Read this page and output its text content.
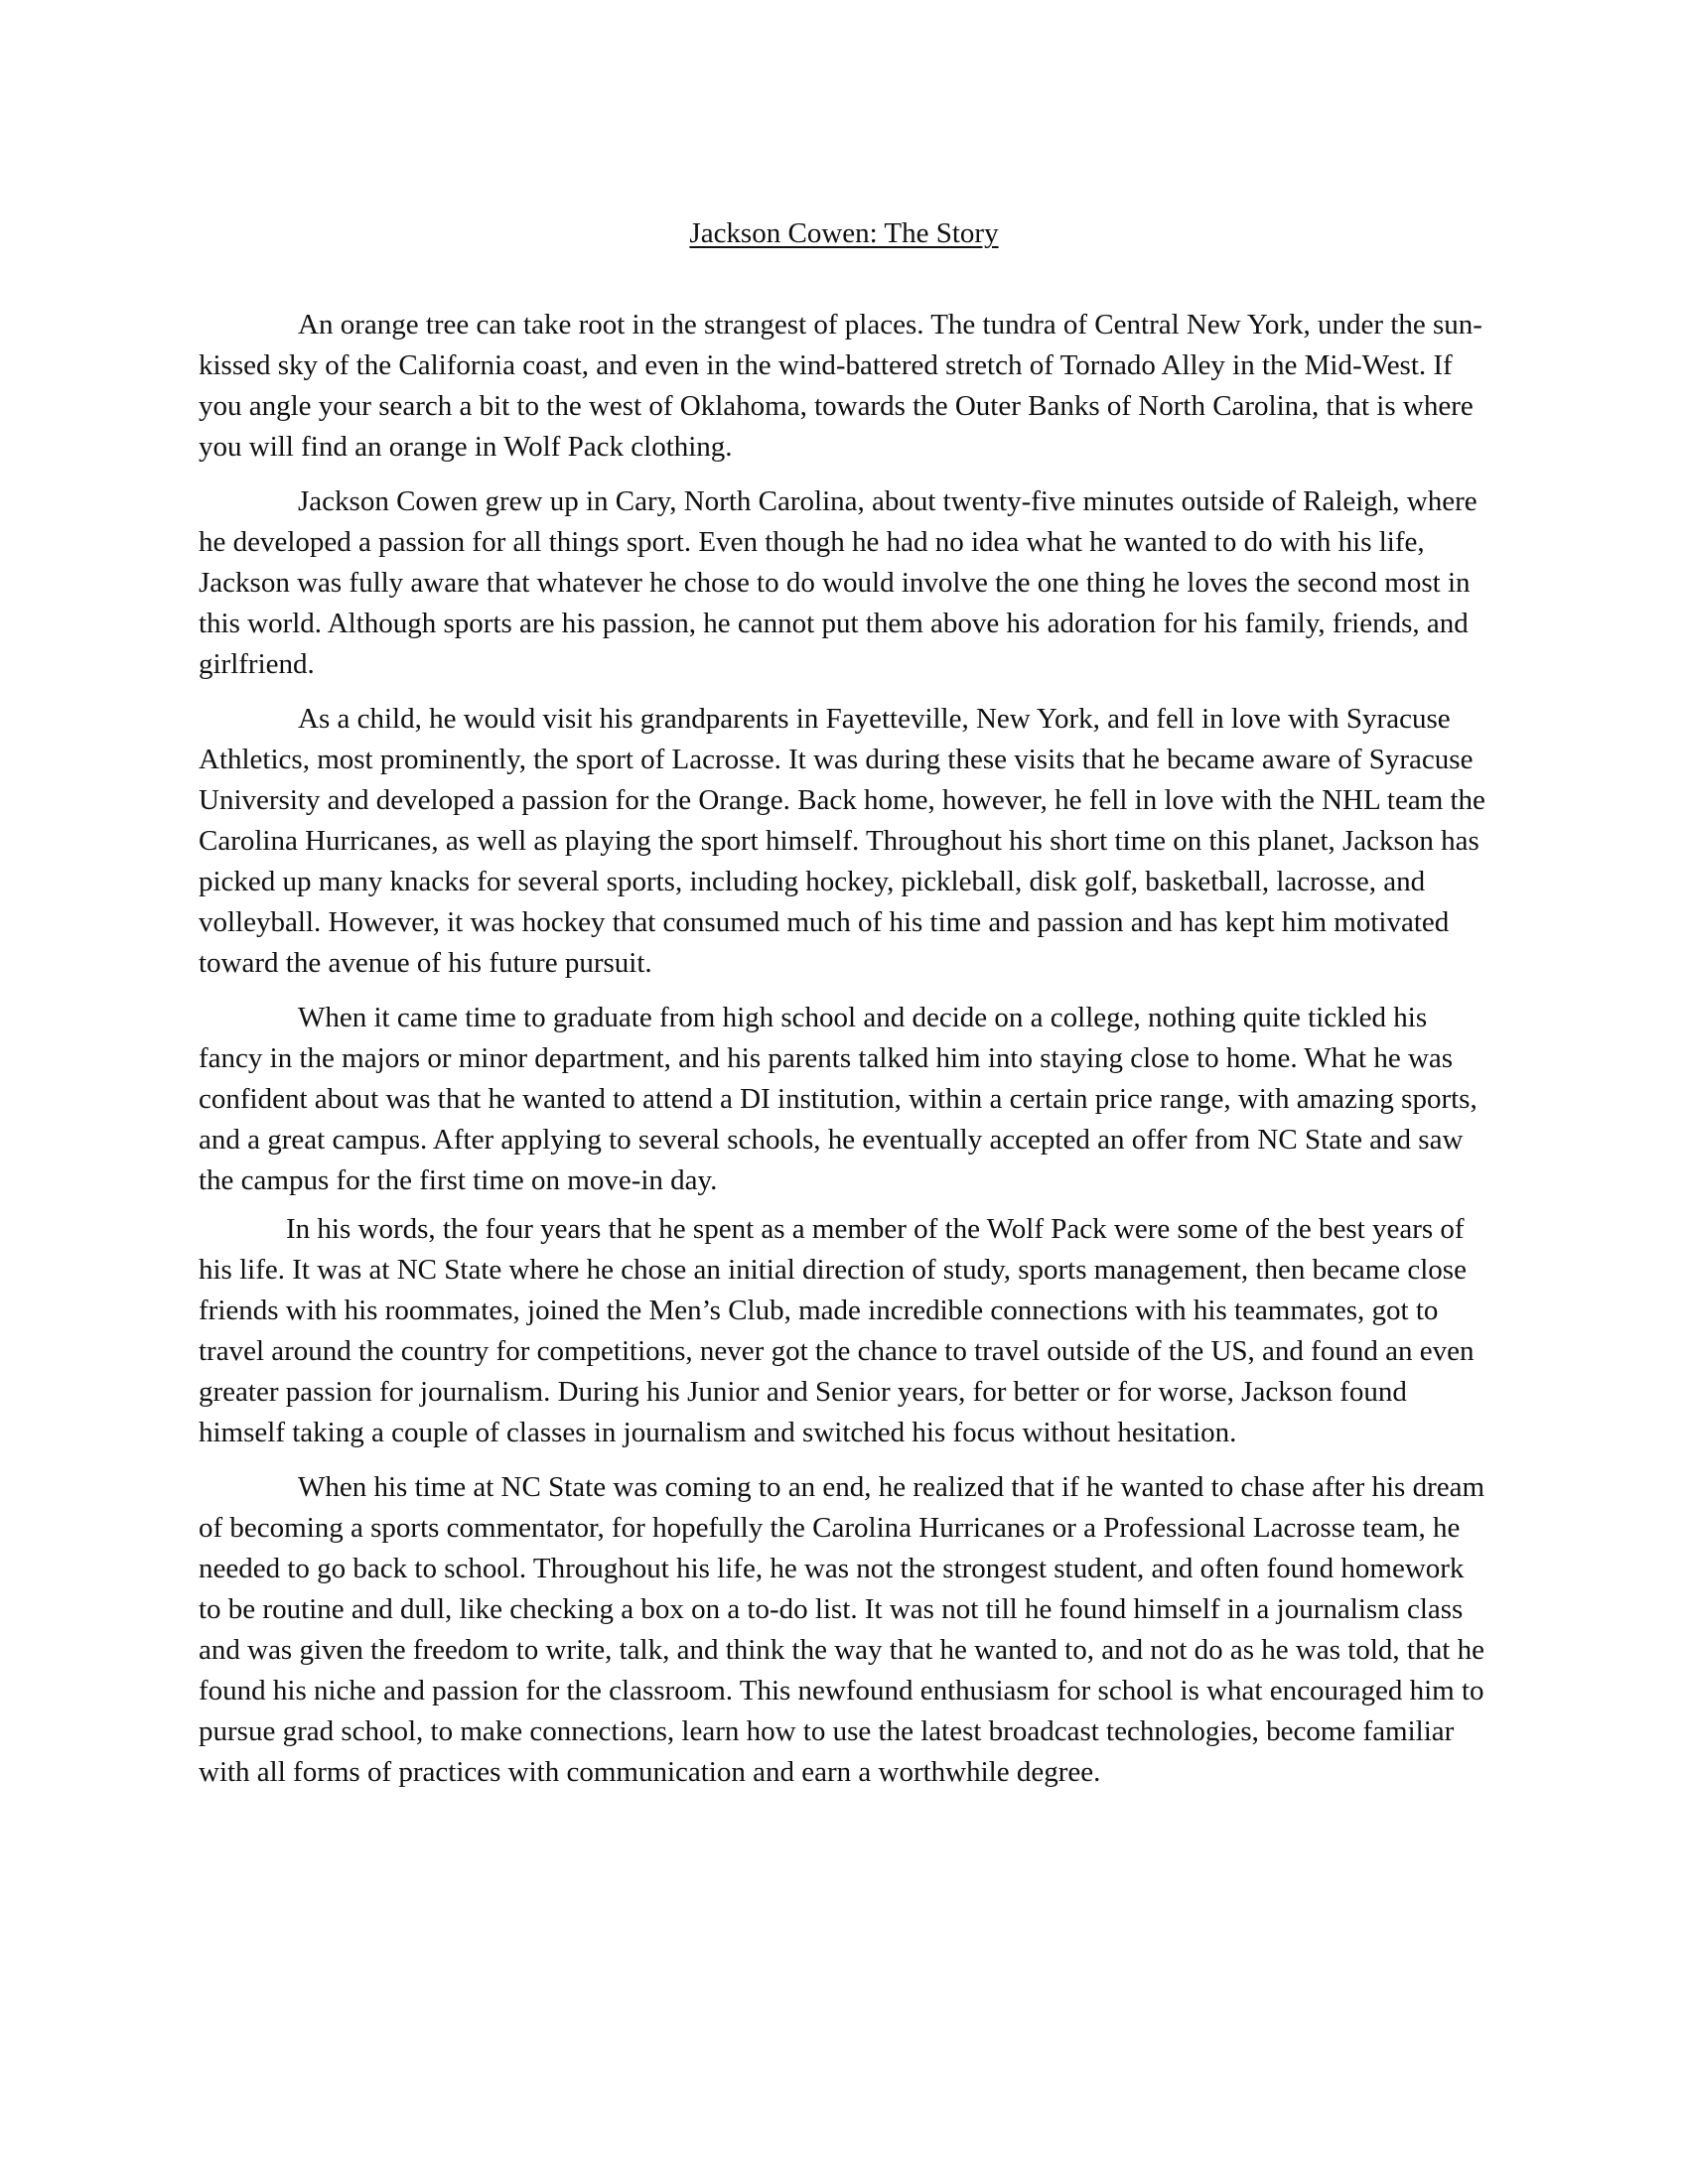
Jackson Cowen: The Story

An orange tree can take root in the strangest of places. The tundra of Central New York, under the sun-kissed sky of the California coast, and even in the wind-battered stretch of Tornado Alley in the Mid-West. If you angle your search a bit to the west of Oklahoma, towards the Outer Banks of North Carolina, that is where you will find an orange in Wolf Pack clothing.

Jackson Cowen grew up in Cary, North Carolina, about twenty-five minutes outside of Raleigh, where he developed a passion for all things sport. Even though he had no idea what he wanted to do with his life, Jackson was fully aware that whatever he chose to do would involve the one thing he loves the second most in this world. Although sports are his passion, he cannot put them above his adoration for his family, friends, and girlfriend.

As a child, he would visit his grandparents in Fayetteville, New York, and fell in love with Syracuse Athletics, most prominently, the sport of Lacrosse. It was during these visits that he became aware of Syracuse University and developed a passion for the Orange. Back home, however, he fell in love with the NHL team the Carolina Hurricanes, as well as playing the sport himself. Throughout his short time on this planet, Jackson has picked up many knacks for several sports, including hockey, pickleball, disk golf, basketball, lacrosse, and volleyball. However, it was hockey that consumed much of his time and passion and has kept him motivated toward the avenue of his future pursuit.

When it came time to graduate from high school and decide on a college, nothing quite tickled his fancy in the majors or minor department, and his parents talked him into staying close to home. What he was confident about was that he wanted to attend a DI institution, within a certain price range, with amazing sports, and a great campus. After applying to several schools, he eventually accepted an offer from NC State and saw the campus for the first time on move-in day.

In his words, the four years that he spent as a member of the Wolf Pack were some of the best years of his life. It was at NC State where he chose an initial direction of study, sports management, then became close friends with his roommates, joined the Men’s Club, made incredible connections with his teammates, got to travel around the country for competitions, never got the chance to travel outside of the US, and found an even greater passion for journalism. During his Junior and Senior years, for better or for worse, Jackson found himself taking a couple of classes in journalism and switched his focus without hesitation.

When his time at NC State was coming to an end, he realized that if he wanted to chase after his dream of becoming a sports commentator, for hopefully the Carolina Hurricanes or a Professional Lacrosse team, he needed to go back to school. Throughout his life, he was not the strongest student, and often found homework to be routine and dull, like checking a box on a to-do list. It was not till he found himself in a journalism class and was given the freedom to write, talk, and think the way that he wanted to, and not do as he was told, that he found his niche and passion for the classroom. This newfound enthusiasm for school is what encouraged him to pursue grad school, to make connections, learn how to use the latest broadcast technologies, become familiar with all forms of practices with communication and earn a worthwhile degree.
